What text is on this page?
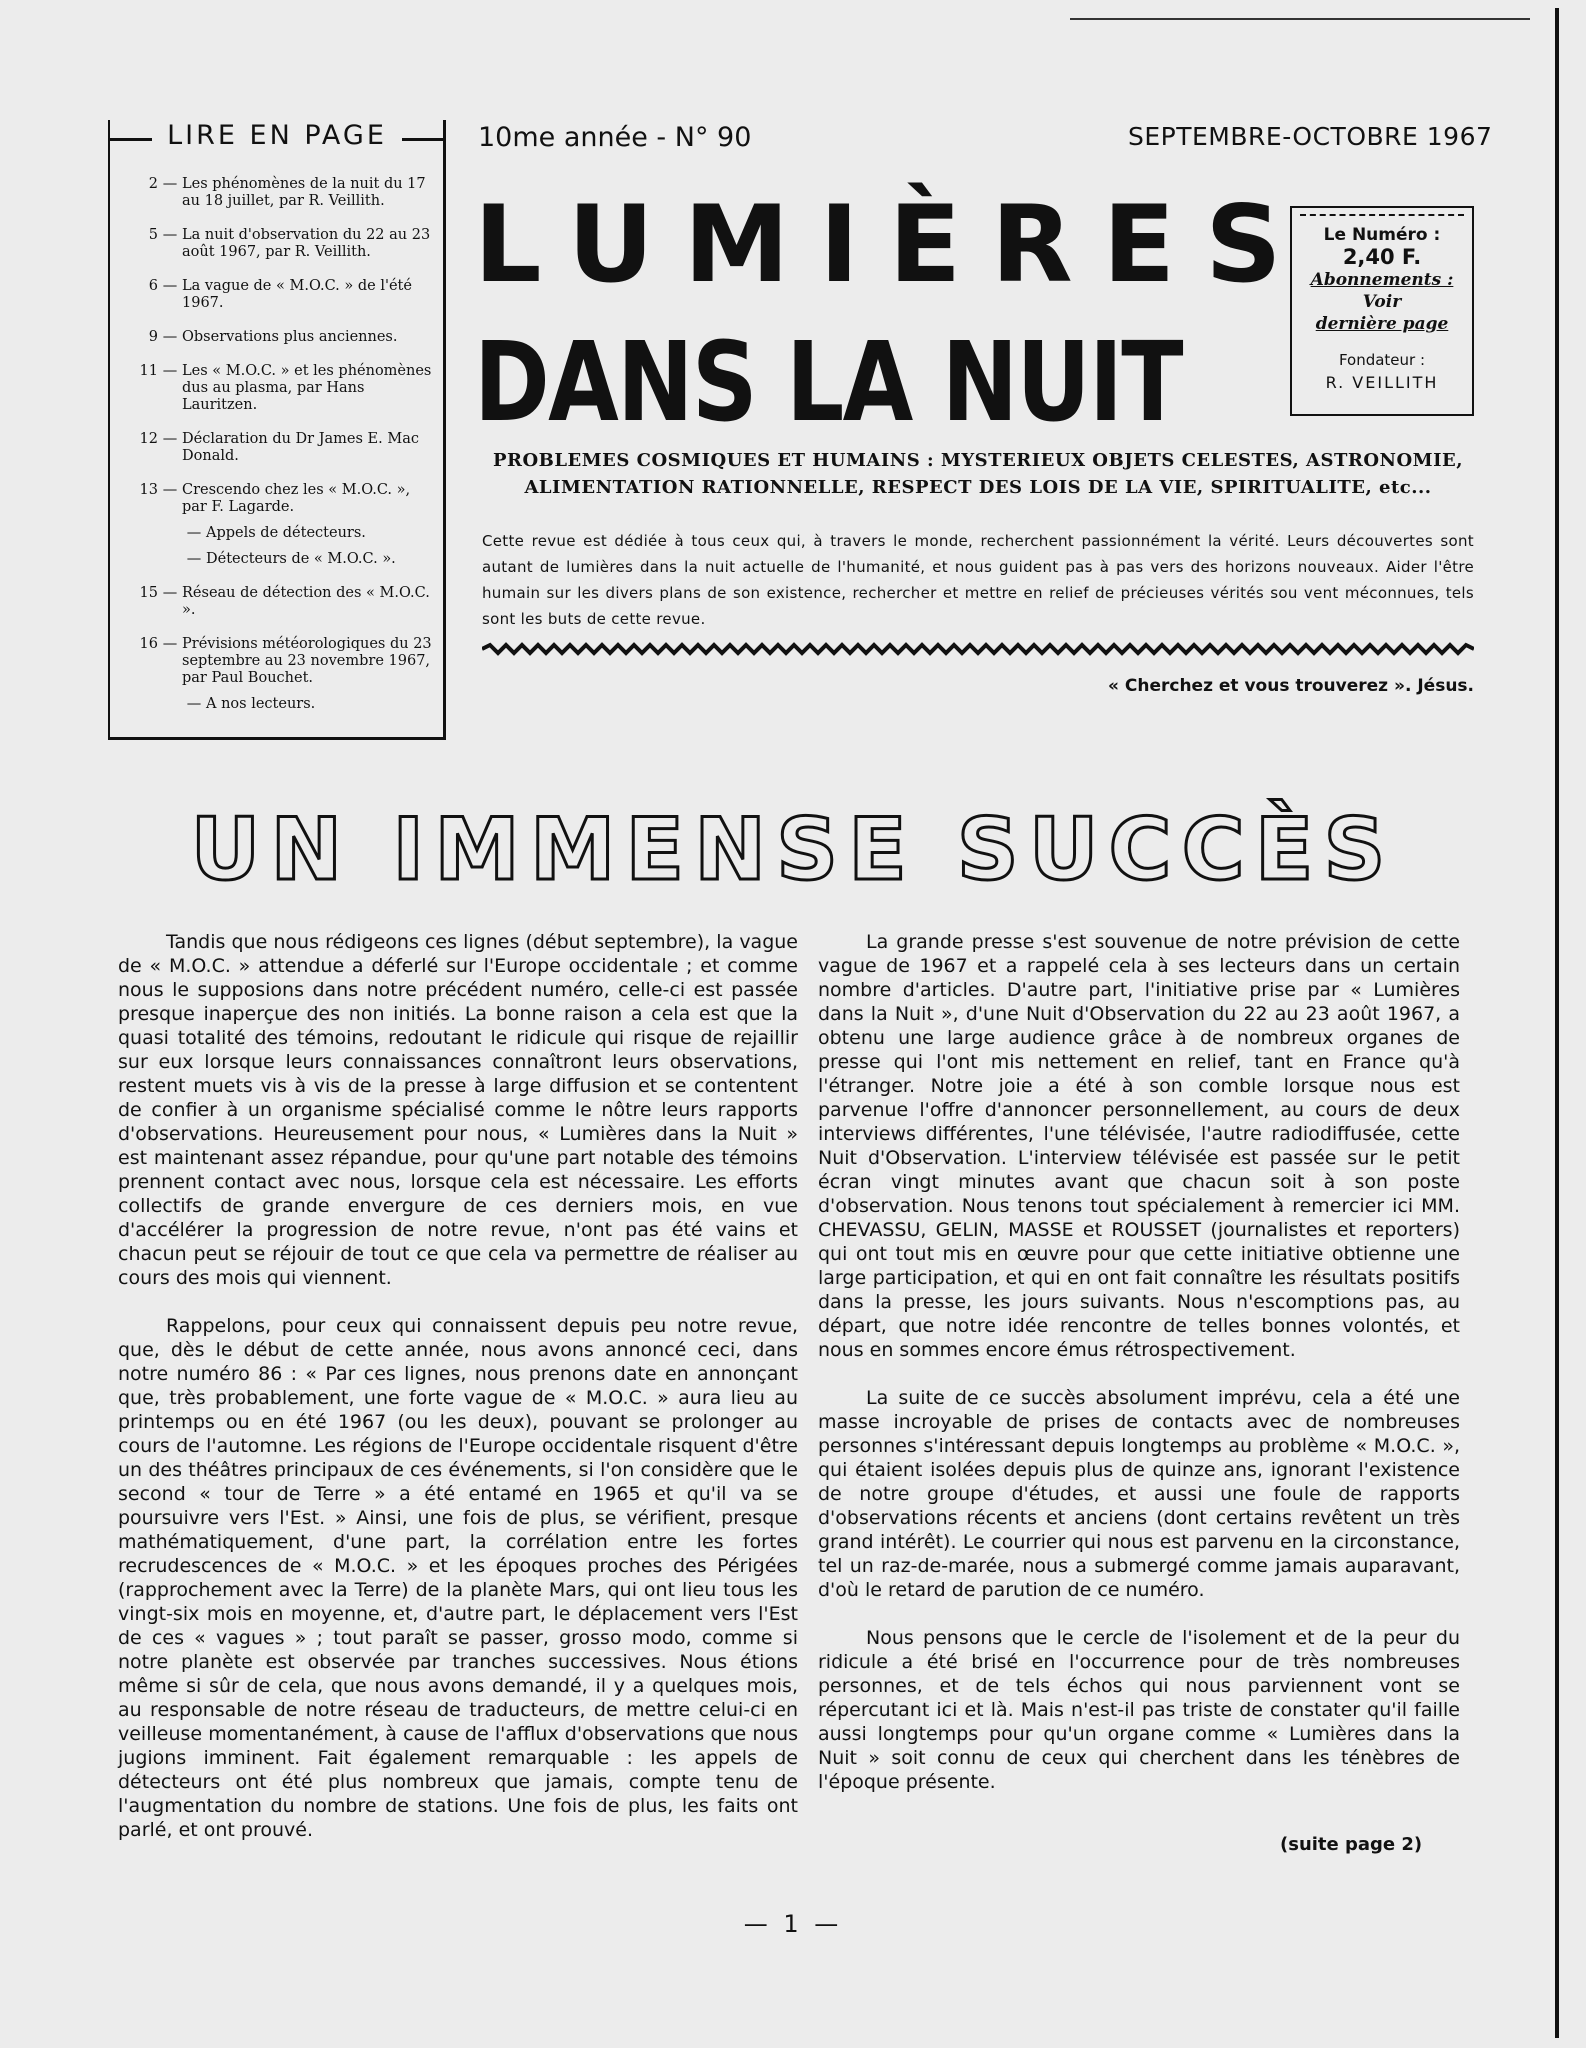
LIRE EN PAGE
2 — Les phénomènes de la nuit du 17 au 18 juillet, par R. Veillith.
5 — La nuit d'observation du 22 au 23 août 1967, par R. Veillith.
6 — La vague de « M.O.C. » de l'été 1967.
9 — Observations plus anciennes.
11 — Les « M.O.C. » et les phénomènes dus au plasma, par Hans Lauritzen.
12 — Déclaration du Dr James E. Mac Donald.
13 — Crescendo chez les « M.O.C. », par F. Lagarde.
— Appels de détecteurs.
— Détecteurs de « M.O.C. ».
15 — Réseau de détection des « M.O.C. ».
16 — Prévisions météorologiques du 23 septembre au 23 novembre 1967, par Paul Bouchet.
— A nos lecteurs.
10me année - N° 90	SEPTEMBRE-OCTOBRE 1967
LUMIÈRES
DANS LA NUIT
Le Numéro : 2,40 F.
Abonnements :
Voir
dernière page
Fondateur :
R. VEILLITH
PROBLEMES COSMIQUES ET HUMAINS : MYSTERIEUX OBJETS CELESTES, ASTRONOMIE,
ALIMENTATION RATIONNELLE, RESPECT DES LOIS DE LA VIE, SPIRITUALITE, etc...
Cette revue est dédiée à tous ceux qui, à travers le monde, recherchent passionnément la vérité. Leurs découvertes sont autant de lumières dans la nuit actuelle de l'humanité, et nous guident pas à pas vers des horizons nouveaux. Aider l'être humain sur les divers plans de son existence, rechercher et mettre en relief de précieuses vérités sou vent méconnues, tels sont les buts de cette revue.
« Cherchez et vous trouverez ». Jésus.
UN IMMENSE SUCCÈS

Tandis que nous rédigeons ces lignes (début septembre), la vague de « M.O.C. » attendue a déferlé sur l'Europe occidentale ; et comme nous le supposions dans notre précédent numéro, celle-ci est passée presque inaperçue des non initiés. La bonne raison a cela est que la quasi totalité des témoins, redoutant le ridicule qui risque de rejaillir sur eux lorsque leurs connaissances connaîtront leurs observations, restent muets vis à vis de la presse à large diffusion et se contentent de confier à un organisme spécialisé comme le nôtre leurs rapports d'observations. Heureusement pour nous, « Lumières dans la Nuit » est maintenant assez répandue, pour qu'une part notable des témoins prennent contact avec nous, lorsque cela est nécessaire. Les efforts collectifs de grande envergure de ces derniers mois, en vue d'accélérer la progression de notre revue, n'ont pas été vains et chacun peut se réjouir de tout ce que cela va permettre de réaliser au cours des mois qui viennent.

Rappelons, pour ceux qui connaissent depuis peu notre revue, que, dès le début de cette année, nous avons annoncé ceci, dans notre numéro 86 : « Par ces lignes, nous prenons date en annonçant que, très probablement, une forte vague de « M.O.C. » aura lieu au printemps ou en été 1967 (ou les deux), pouvant se prolonger au cours de l'automne. Les régions de l'Europe occidentale risquent d'être un des théâtres principaux de ces événements, si l'on considère que le second « tour de Terre » a été entamé en 1965 et qu'il va se poursuivre vers l'Est. » Ainsi, une fois de plus, se vérifient, presque mathématiquement, d'une part, la corrélation entre les fortes recrudescences de « M.O.C. » et les époques proches des Périgées (rapprochement avec la Terre) de la planète Mars, qui ont lieu tous les vingt-six mois en moyenne, et, d'autre part, le déplacement vers l'Est de ces « vagues » ; tout paraît se passer, grosso modo, comme si notre planète est observée par tranches successives. Nous étions même si sûr de cela, que nous avons demandé, il y a quelques mois, au responsable de notre réseau de traducteurs, de mettre celui-ci en veilleuse momentanément, à cause de l'afflux d'observations que nous jugions imminent. Fait également remarquable : les appels de détecteurs ont été plus nombreux que jamais, compte tenu de l'augmentation du nombre de stations. Une fois de plus, les faits ont parlé, et ont prouvé.

La grande presse s'est souvenue de notre prévision de cette vague de 1967 et a rappelé cela à ses lecteurs dans un certain nombre d'articles. D'autre part, l'initiative prise par « Lumières dans la Nuit », d'une Nuit d'Observation du 22 au 23 août 1967, a obtenu une large audience grâce à de nombreux organes de presse qui l'ont mis nettement en relief, tant en France qu'à l'étranger. Notre joie a été à son comble lorsque nous est parvenue l'offre d'annoncer personnellement, au cours de deux interviews différentes, l'une télévisée, l'autre radiodiffusée, cette Nuit d'Observation. L'interview télévisée est passée sur le petit écran vingt minutes avant que chacun soit à son poste d'observation. Nous tenons tout spécialement à remercier ici MM. CHEVASSU, GELIN, MASSE et ROUSSET (journalistes et reporters) qui ont tout mis en œuvre pour que cette initiative obtienne une large participation, et qui en ont fait connaître les résultats positifs dans la presse, les jours suivants. Nous n'escomptions pas, au départ, que notre idée rencontre de telles bonnes volontés, et nous en sommes encore émus rétrospectivement.

La suite de ce succès absolument imprévu, cela a été une masse incroyable de prises de contacts avec de nombreuses personnes s'intéressant depuis longtemps au problème « M.O.C. », qui étaient isolées depuis plus de quinze ans, ignorant l'existence de notre groupe d'études, et aussi une foule de rapports d'observations récents et anciens (dont certains revêtent un très grand intérêt). Le courrier qui nous est parvenu en la circonstance, tel un raz-de-marée, nous a submergé comme jamais auparavant, d'où le retard de parution de ce numéro.

Nous pensons que le cercle de l'isolement et de la peur du ridicule a été brisé en l'occurrence pour de très nombreuses personnes, et de tels échos qui nous parviennent vont se répercutant ici et là. Mais n'est-il pas triste de constater qu'il faille aussi longtemps pour qu'un organe comme « Lumières dans la Nuit » soit connu de ceux qui cherchent dans les ténèbres de l'époque présente.

(suite page 2)
— 1 —
